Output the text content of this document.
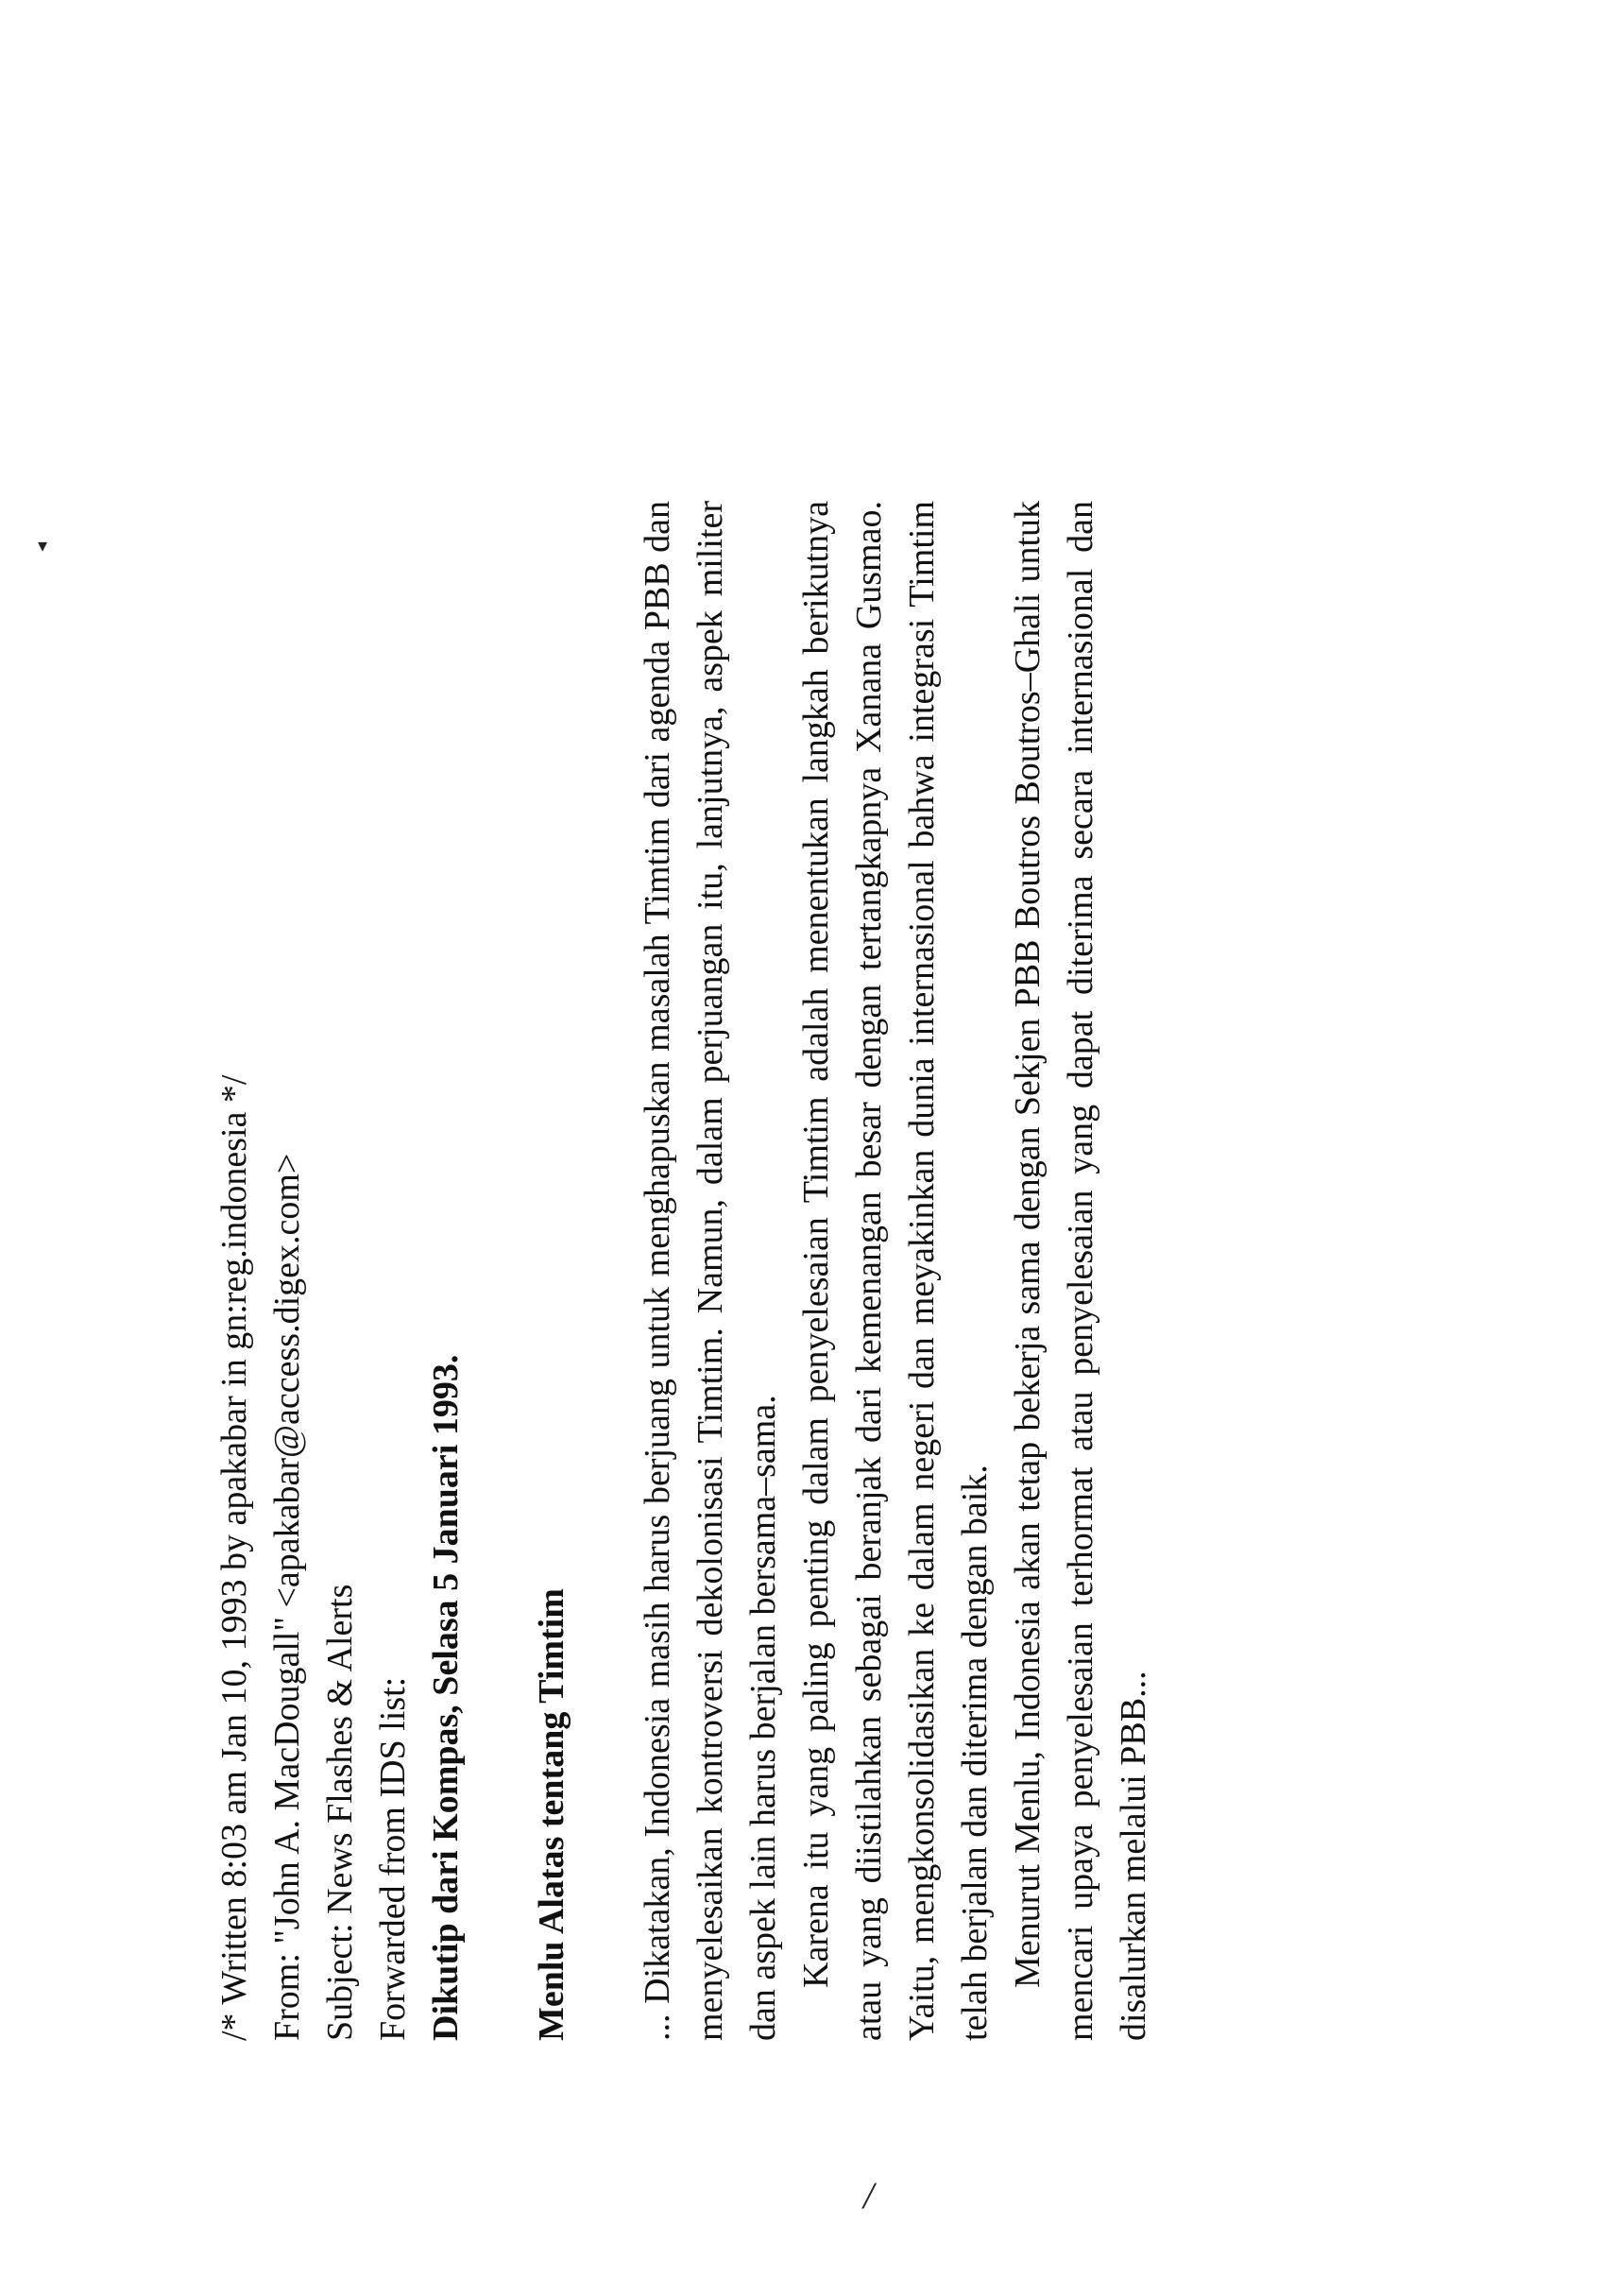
▾

/* Written 8:03 am Jan 10, 1993 by apakabar in gn:reg.indonesia */ From: "John A. MacDougall" <apakabar@access.digex.com> Subject: News Flashes & Alerts Forwarded from IDS list: Dikutip dari Kompas, Selasa 5 Januari 1993. Menlu Alatas tentang Timtim ... Dikatakan, Indonesia masih harus berjuang untuk menghapuskan masalah Timtim dari agenda PBB dan menyelesaikan kontroversi dekolonisasi Timtim. Namun, dalam perjuangan itu, lanjutnya, aspek militer dan aspek lain harus berjalan bersama–sama. Karena itu yang paling penting dalam penyelesaian Timtim adalah menentukan langkah berikutnya atau yang diistilahkan sebagai beranjak dari kemenangan besar dengan tertangkapnya Xanana Gusmao. Yaitu, mengkonsolidasikan ke dalam negeri dan meyakinkan dunia internasional bahwa integrasi Timtim telah berjalan dan diterima dengan baik. Menurut Menlu, Indonesia akan tetap bekerja sama dengan Sekjen PBB Boutros Boutros–Ghali untuk mencari upaya penyelesaian terhormat atau penyelesaian yang dapat diterima secara internasional dan disalurkan melalui PBB...

/
